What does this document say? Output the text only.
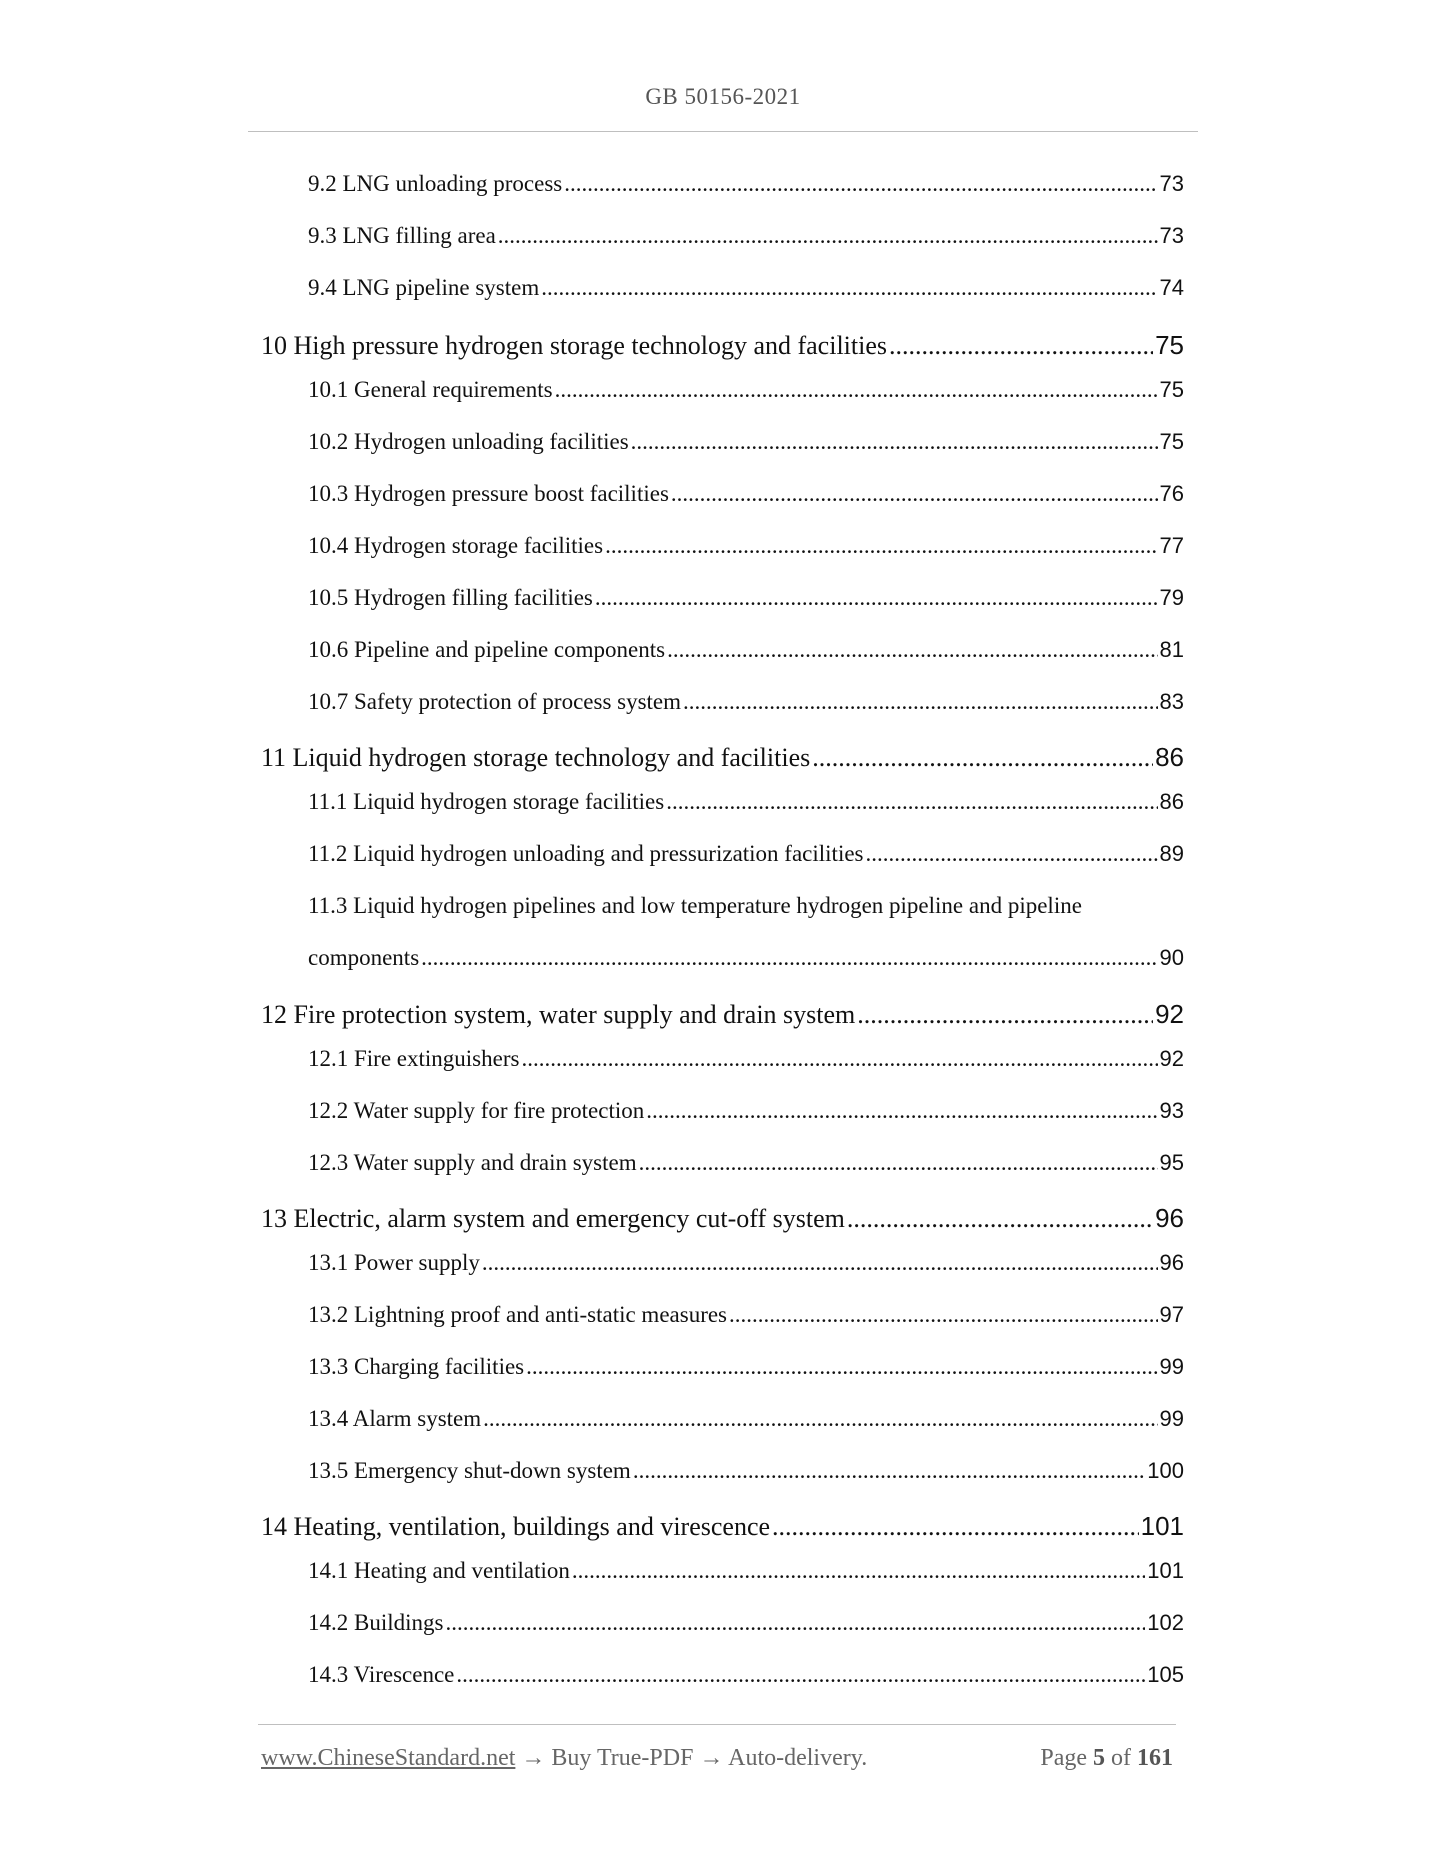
GB 50156-2021
9.2 LNG unloading process .....	73
9.3 LNG filling area .....	73
9.4 LNG pipeline system .....	74
10 High pressure hydrogen storage technology and facilities .....	75
10.1 General requirements .....	75
10.2 Hydrogen unloading facilities .....	75
10.3 Hydrogen pressure boost facilities .....	76
10.4 Hydrogen storage facilities .....	77
10.5 Hydrogen filling facilities .....	79
10.6 Pipeline and pipeline components .....	81
10.7 Safety protection of process system .....	83
11 Liquid hydrogen storage technology and facilities .....	86
11.1 Liquid hydrogen storage facilities .....	86
11.2 Liquid hydrogen unloading and pressurization facilities .....	89
11.3 Liquid hydrogen pipelines and low temperature hydrogen pipeline and pipeline
components .....	90
12 Fire protection system, water supply and drain system .....	92
12.1 Fire extinguishers .....	92
12.2 Water supply for fire protection .....	93
12.3 Water supply and drain system .....	95
13 Electric, alarm system and emergency cut-off system .....	96
13.1 Power supply .....	96
13.2 Lightning proof and anti-static measures .....	97
13.3 Charging facilities .....	99
13.4 Alarm system .....	99
13.5 Emergency shut-down system .....	100
14 Heating, ventilation, buildings and virescence .....	101
14.1 Heating and ventilation .....	101
14.2 Buildings .....	102
14.3 Virescence .....	105
www.ChineseStandard.net → Buy True-PDF → Auto-delivery.	Page 5 of 161
